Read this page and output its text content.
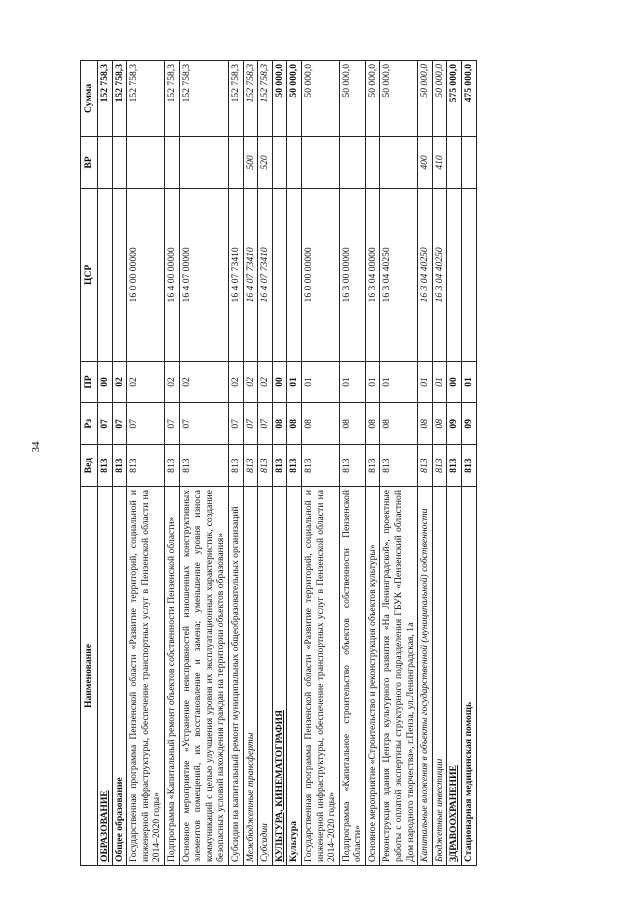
34
Наименование	Вед	Рз	ПР	ЦСР	ВР	Сумма
ОБРАЗОВАНИЕ	813	07	00			152 758,3
Общее образование	813	07	02			152 758,3
Государственная программа Пензенской области «Развитие территорий, социальной и инженерной инфраструктуры, обеспечение транспортных услуг в Пензенской области на 2014–2020 годы»	813	07	02	16 0 00 00000		152 758,3
Подпрограмма «Капитальный ремонт объектов собственности Пензенской области»	813	07	02	16 4 00 00000		152 758,3
Основное мероприятие «Устранение неисправностей изношенных конструктивных элементов помещений, их восстановление и замена; уменьшение уровня износа коммуникаций с целью улучшения уровня их эксплуатационных характеристик, создание безопасных условий нахождения граждан на территории объектов образования»	813	07	02	16 4 07 00000		152 758,3
Субсидии на капитальный ремонт муниципальных общеобразовательных организаций	813	07	02	16 4 07 73410		152 758,3
Межбюджетные трансферты	813	07	02	16 4 07 73410	500	152 758,3
Субсидии	813	07	02	16 4 07 73410	520	152 758,3
КУЛЬТУРА, КИНЕМАТОГРАФИЯ	813	08	00			50 000,0
Культура	813	08	01			50 000,0
Государственная программа Пензенской области «Развитие территорий, социальной и инженерной инфраструктуры, обеспечение транспортных услуг в Пензенской области на 2014–2020 годы»	813	08	01	16 0 00 00000		50 000,0
Подпрограмма «Капитальное строительство объектов собственности Пензенской области»	813	08	01	16 3 00 00000		50 000,0
Основное мероприятие «Строительство и реконструкция объектов культуры»	813	08	01	16 3 04 00000		50 000,0
Реконструкция здания Центра культурного развития «На Ленинградской», проектные работы с оплатой экспертизы структурного подразделения ГБУК «Пензенский областной Дом народного творчества», г.Пенза, ул.Ленинградская, 1а	813	08	01	16 3 04 40250		50 000,0
Капитальные вложения в объекты государственной (муниципальной) собственности	813	08	01	16 3 04 40250	400	50 000,0
Бюджетные инвестиции	813	08	01	16 3 04 40250	410	50 000,0
ЗДРАВООХРАНЕНИЕ	813	09	00			575 000,0
Стационарная медицинская помощь	813	09	01			475 000,0
